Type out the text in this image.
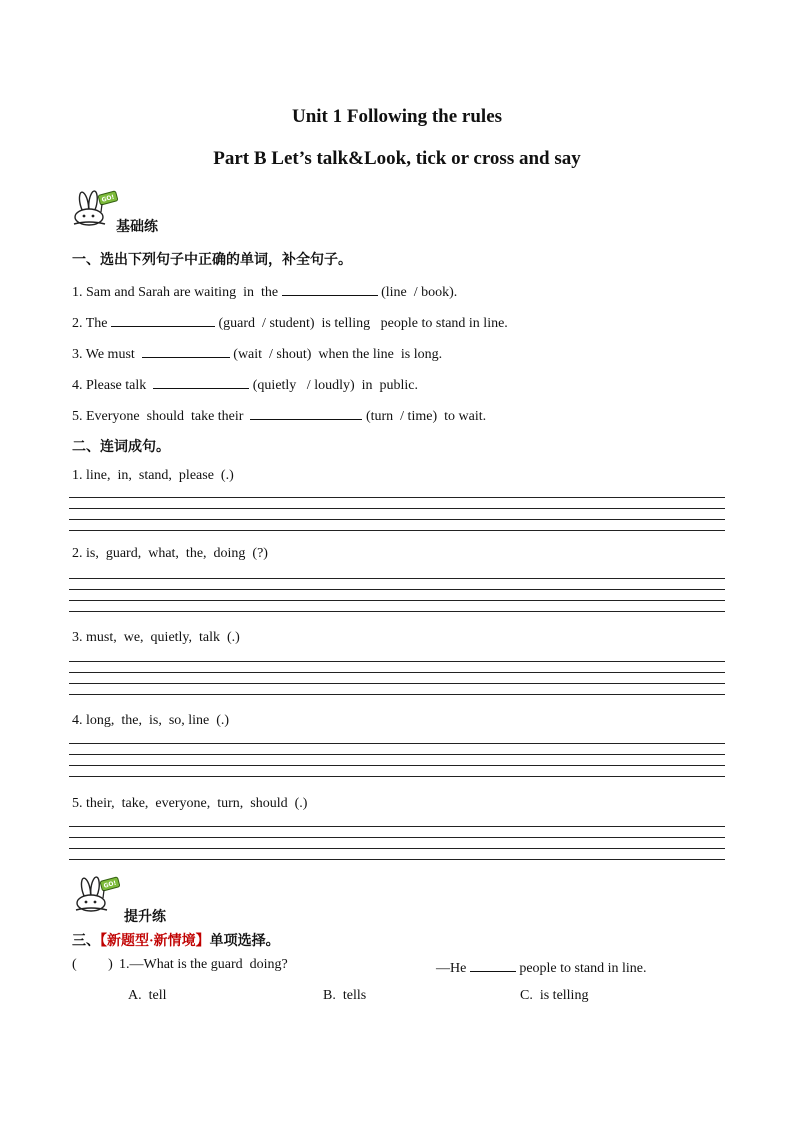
Unit 1 Following the rules
Part B Let’s talk&Look, tick or cross and say
GO!
基础练
一、选出下列句子中正确的单词，补全句子。
1. Sam and Sarah are waiting  in  the	(line  / book).
2. The	(guard  / student)  is telling   people to stand in line.
3. We must	(wait  / shout)  when the line  is long.
4. Please talk	(quietly   / loudly)  in  public.
5. Everyone  should  take their	(turn  / time)  to wait.
二、连词成句。
1. line,  in,  stand,  please  (.)
2. is,  guard,  what,  the,  doing  (?)
3. must,  we,  quietly,  talk  (.)
4. long,  the,  is,  so, line  (.)
5. their,  take,  everyone,  turn,  should  (.)
GO!
提升练
三、【新题型·新情境】单项选择。
(         ) 1.—What is the guard  doing?	—He	people to stand in line.
A.  tell	B.  tells	C.  is telling
